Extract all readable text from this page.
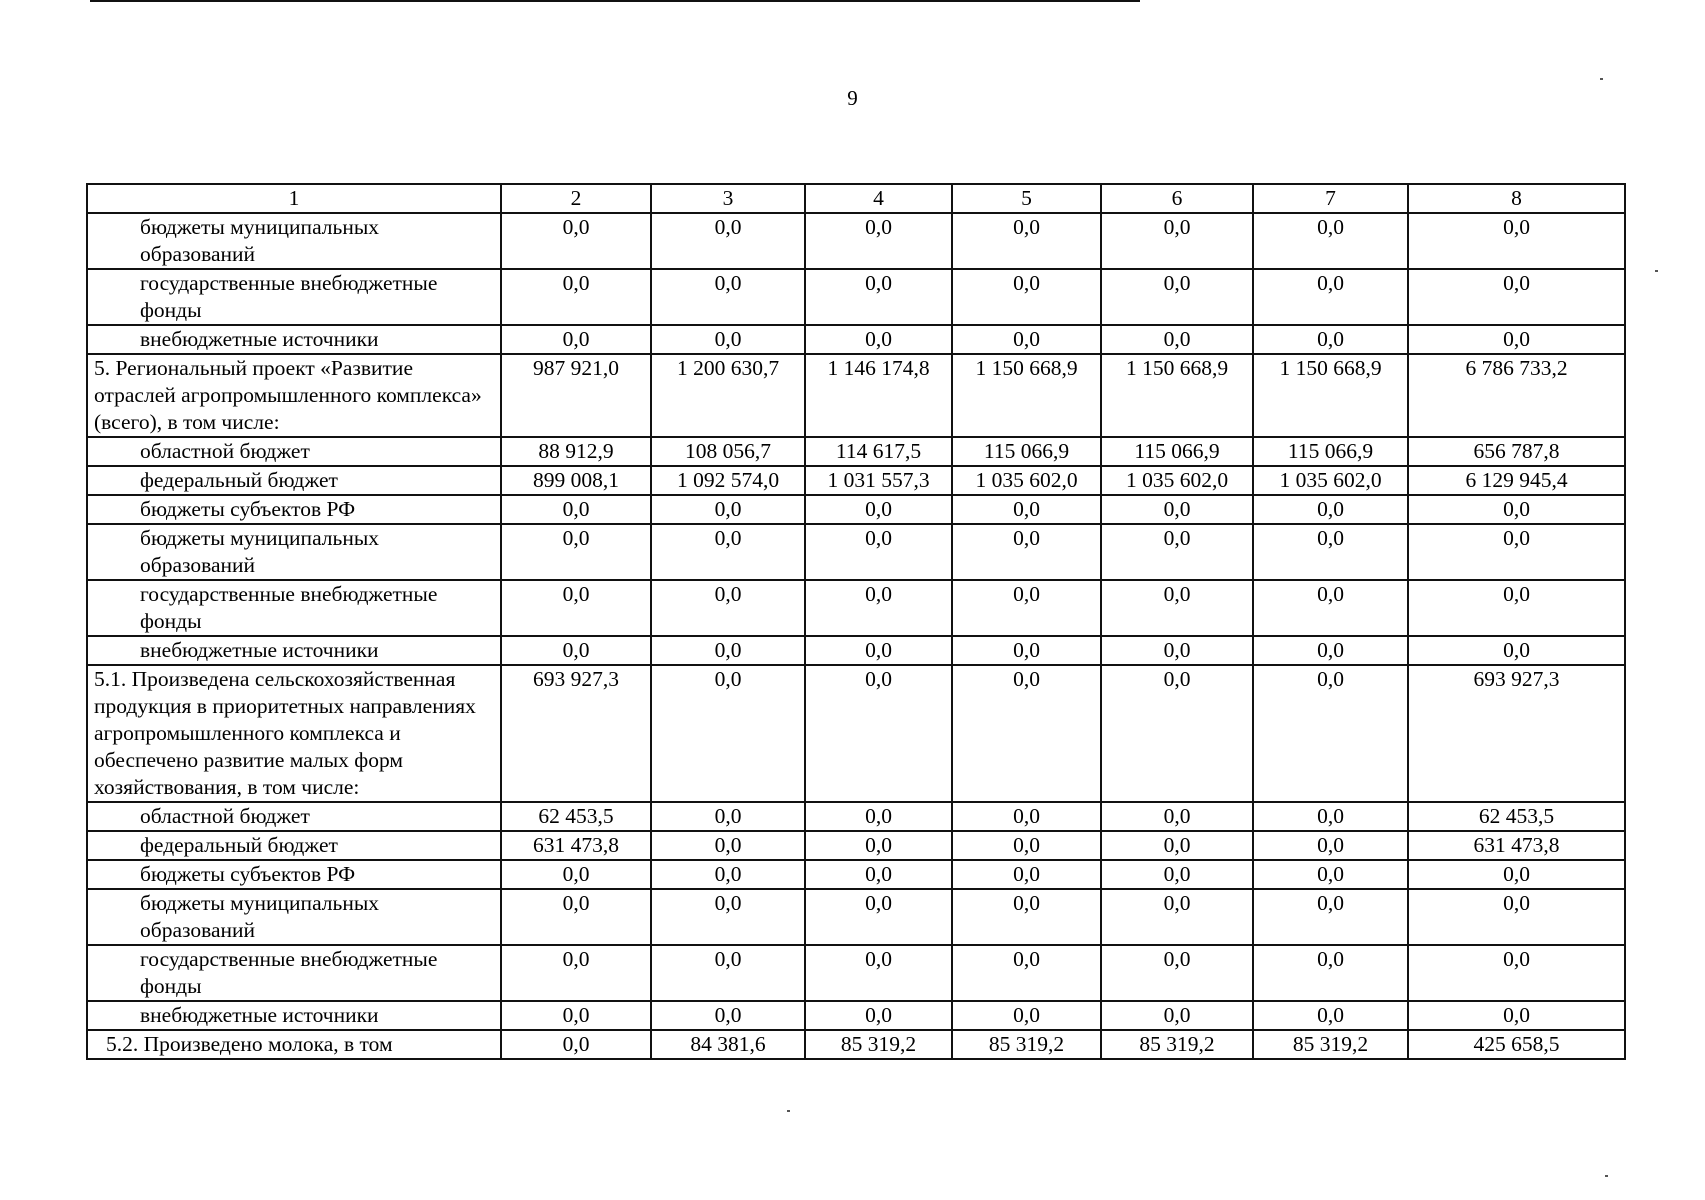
9
1	2	3	4	5	6	7	8
бюджеты муниципальных образований	0,0	0,0	0,0	0,0	0,0	0,0	0,0
государственные внебюджетные фонды	0,0	0,0	0,0	0,0	0,0	0,0	0,0
внебюджетные источники	0,0	0,0	0,0	0,0	0,0	0,0	0,0
5. Региональный проект «Развитие отраслей агропромышленного комплекса» (всего), в том числе:	987 921,0	1 200 630,7	1 146 174,8	1 150 668,9	1 150 668,9	1 150 668,9	6 786 733,2
областной бюджет	88 912,9	108 056,7	114 617,5	115 066,9	115 066,9	115 066,9	656 787,8
федеральный бюджет	899 008,1	1 092 574,0	1 031 557,3	1 035 602,0	1 035 602,0	1 035 602,0	6 129 945,4
бюджеты субъектов РФ	0,0	0,0	0,0	0,0	0,0	0,0	0,0
бюджеты муниципальных образований	0,0	0,0	0,0	0,0	0,0	0,0	0,0
государственные внебюджетные фонды	0,0	0,0	0,0	0,0	0,0	0,0	0,0
внебюджетные источники	0,0	0,0	0,0	0,0	0,0	0,0	0,0
5.1. Произведена сельскохозяйственная продукция в приоритетных направлениях агропромышленного комплекса и обеспечено развитие малых форм хозяйствования, в том числе:	693 927,3	0,0	0,0	0,0	0,0	0,0	693 927,3
областной бюджет	62 453,5	0,0	0,0	0,0	0,0	0,0	62 453,5
федеральный бюджет	631 473,8	0,0	0,0	0,0	0,0	0,0	631 473,8
бюджеты субъектов РФ	0,0	0,0	0,0	0,0	0,0	0,0	0,0
бюджеты муниципальных образований	0,0	0,0	0,0	0,0	0,0	0,0	0,0
государственные внебюджетные фонды	0,0	0,0	0,0	0,0	0,0	0,0	0,0
внебюджетные источники	0,0	0,0	0,0	0,0	0,0	0,0	0,0
5.2. Произведено молока, в том	0,0	84 381,6	85 319,2	85 319,2	85 319,2	85 319,2	425 658,5
